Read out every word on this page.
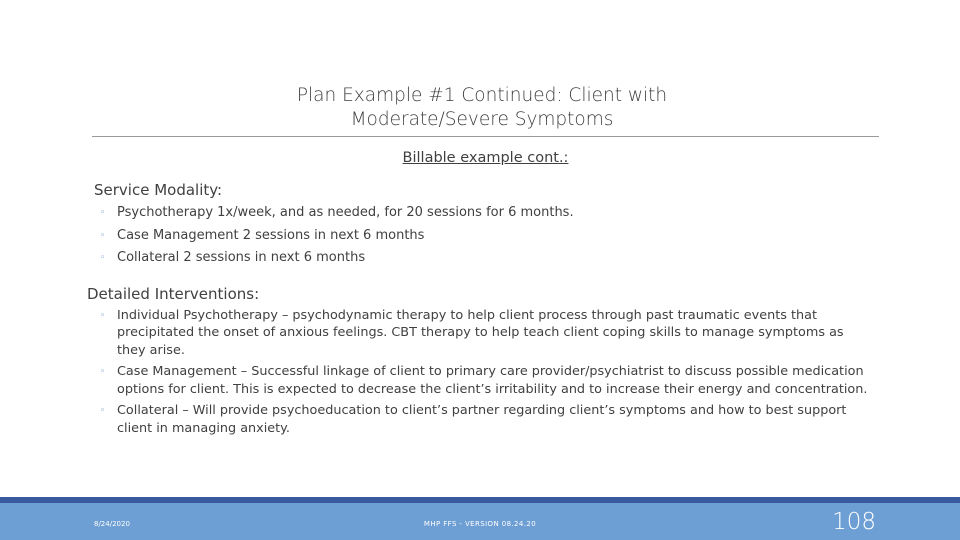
Plan Example #1 Continued: Client with
Moderate/Severe Symptoms
Billable example cont.:
Service Modality:
◦ Psychotherapy 1x/week, and as needed, for 20 sessions for 6 months.
◦ Case Management 2 sessions in next 6 months
◦ Collateral 2 sessions in next 6 months
Detailed Interventions:
◦ Individual Psychotherapy – psychodynamic therapy to help client process through past traumatic events that precipitated the onset of anxious feelings. CBT therapy to help teach client coping skills to manage symptoms as they arise.
◦ Case Management – Successful linkage of client to primary care provider/psychiatrist to discuss possible medication options for client. This is expected to decrease the client’s irritability and to increase their energy and concentration.
◦ Collateral – Will provide psychoeducation to client’s partner regarding client’s symptoms and how to best support client in managing anxiety.
8/24/2020	MHP FFS - VERSION 08.24.20	108
